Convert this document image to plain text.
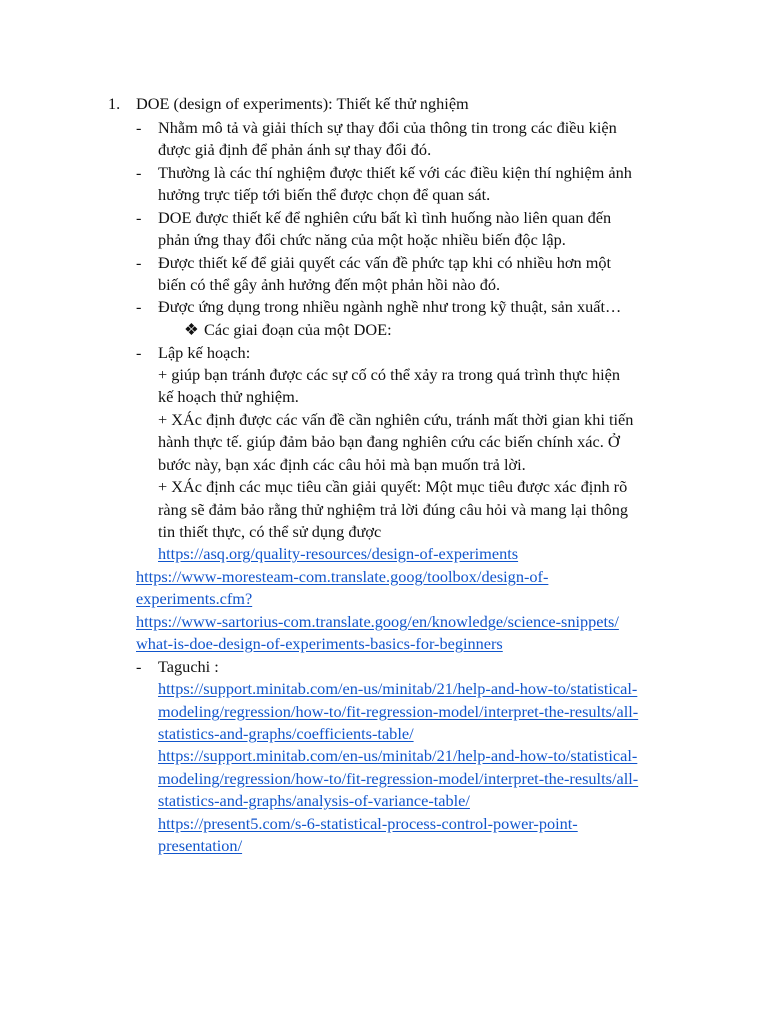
1. DOE (design of experiments): Thiết kế thử nghiệm
- Nhằm mô tả và giải thích sự thay đổi của thông tin trong các điều kiện
được giả định để phản ánh sự thay đổi đó.
- Thường là các thí nghiệm được thiết kế với các điều kiện thí nghiệm ảnh
hưởng trực tiếp tới biến thể được chọn để quan sát.
- DOE được thiết kế để nghiên cứu bất kì tình huống nào liên quan đến
phản ứng thay đổi chức năng của một hoặc nhiều biến độc lập.
- Được thiết kế để giải quyết các vấn đề phức tạp khi có nhiều hơn một
biến có thể gây ảnh hưởng đến một phản hồi nào đó.
- Được ứng dụng trong nhiều ngành nghề như trong kỹ thuật, sản xuất…
❖ Các giai đoạn của một DOE:
- Lập kế hoạch:
+ giúp bạn tránh được các sự cố có thể xảy ra trong quá trình thực hiện
kế hoạch thử nghiệm.
+ XÁc định được các vấn đề cần nghiên cứu, tránh mất thời gian khi tiến
hành thực tế. giúp đảm bảo bạn đang nghiên cứu các biến chính xác. Ở
bước này, bạn xác định các câu hỏi mà bạn muốn trả lời.
+ XÁc định các mục tiêu cần giải quyết: Một mục tiêu được xác định rõ
ràng sẽ đảm bảo rằng thử nghiệm trả lời đúng câu hỏi và mang lại thông
tin thiết thực, có thể sử dụng được
https://asq.org/quality-resources/design-of-experiments
https://www-moresteam-com.translate.goog/toolbox/design-of-
experiments.cfm?
https://www-sartorius-com.translate.goog/en/knowledge/science-snippets/
what-is-doe-design-of-experiments-basics-for-beginners
- Taguchi :
https://support.minitab.com/en-us/minitab/21/help-and-how-to/statistical-
modeling/regression/how-to/fit-regression-model/interpret-the-results/all-
statistics-and-graphs/coefficients-table/
https://support.minitab.com/en-us/minitab/21/help-and-how-to/statistical-
modeling/regression/how-to/fit-regression-model/interpret-the-results/all-
statistics-and-graphs/analysis-of-variance-table/
https://present5.com/s-6-statistical-process-control-power-point-
presentation/
